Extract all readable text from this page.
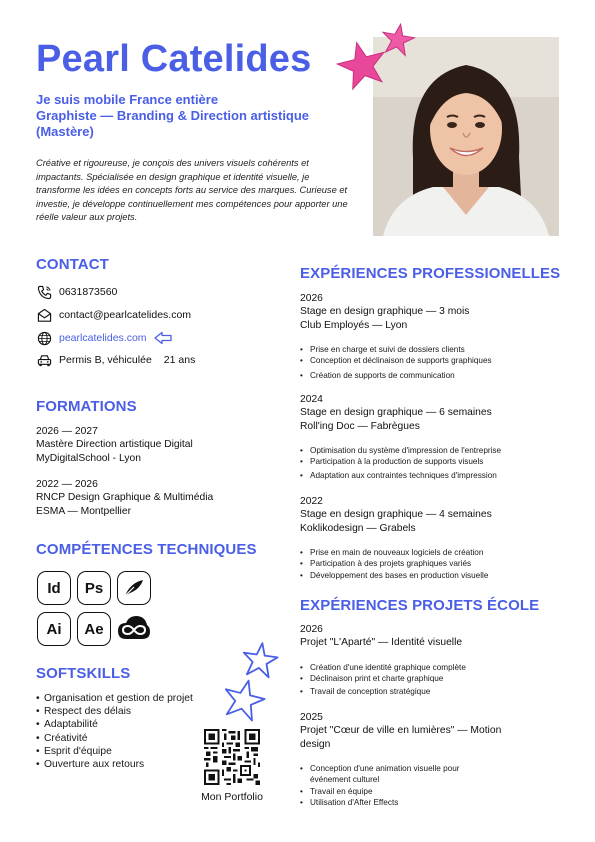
Pearl Catelides
Je suis mobile France entière
Graphiste — Branding & Direction artistique
(Mastère)
Créative et rigoureuse, je conçois des univers visuels cohérents et impactants. Spécialisée en design graphique et identité visuelle, je transforme les idées en concepts forts au service des marques. Curieuse et investie, je développe continuellement mes compétences pour apporter une réelle valeur aux projets.
CONTACT
0631873560
contact@pearlcatelides.com
pearlcatelides.com
Permis B, véhiculée 21 ans
FORMATIONS
2026 — 2027
Mastère Direction artistique Digital
MyDigitalSchool - Lyon
2022 — 2026
RNCP Design Graphique & Multimédia
ESMA — Montpellier
COMPÉTENCES TECHNIQUES
Id Ps
Ai Ae
SOFTSKILLS
• Organisation et gestion de projet
• Respect des délais
• Adaptabilité
• Créativité
• Esprit d'équipe
• Ouverture aux retours
Mon Portfolio
EXPÉRIENCES PROFESSIONELLES
2026
Stage en design graphique — 3 mois
Club Employés — Lyon
• Prise en charge et suivi de dossiers clients
• Conception et déclinaison de supports graphiques
• Création de supports de communication
2024
Stage en design graphique — 6 semaines
Roll'ing Doc — Fabrègues
• Optimisation du système d'impression de l'entreprise
• Participation à la production de supports visuels
• Adaptation aux contraintes techniques d'impression
2022
Stage en design graphique — 4 semaines
Koklikodesign — Grabels
• Prise en main de nouveaux logiciels de création
• Participation à des projets graphiques variés
• Développement des bases en production visuelle
EXPÉRIENCES PROJETS ÉCOLE
2026
Projet "L'Aparté" — Identité visuelle
• Création d'une identité graphique complète
• Déclinaison print et charte graphique
• Travail de conception stratégique
2025
Projet "Cœur de ville en lumières" — Motion design
• Conception d'une animation visuelle pour événement culturel
• Travail en équipe
• Utilisation d'After Effects
